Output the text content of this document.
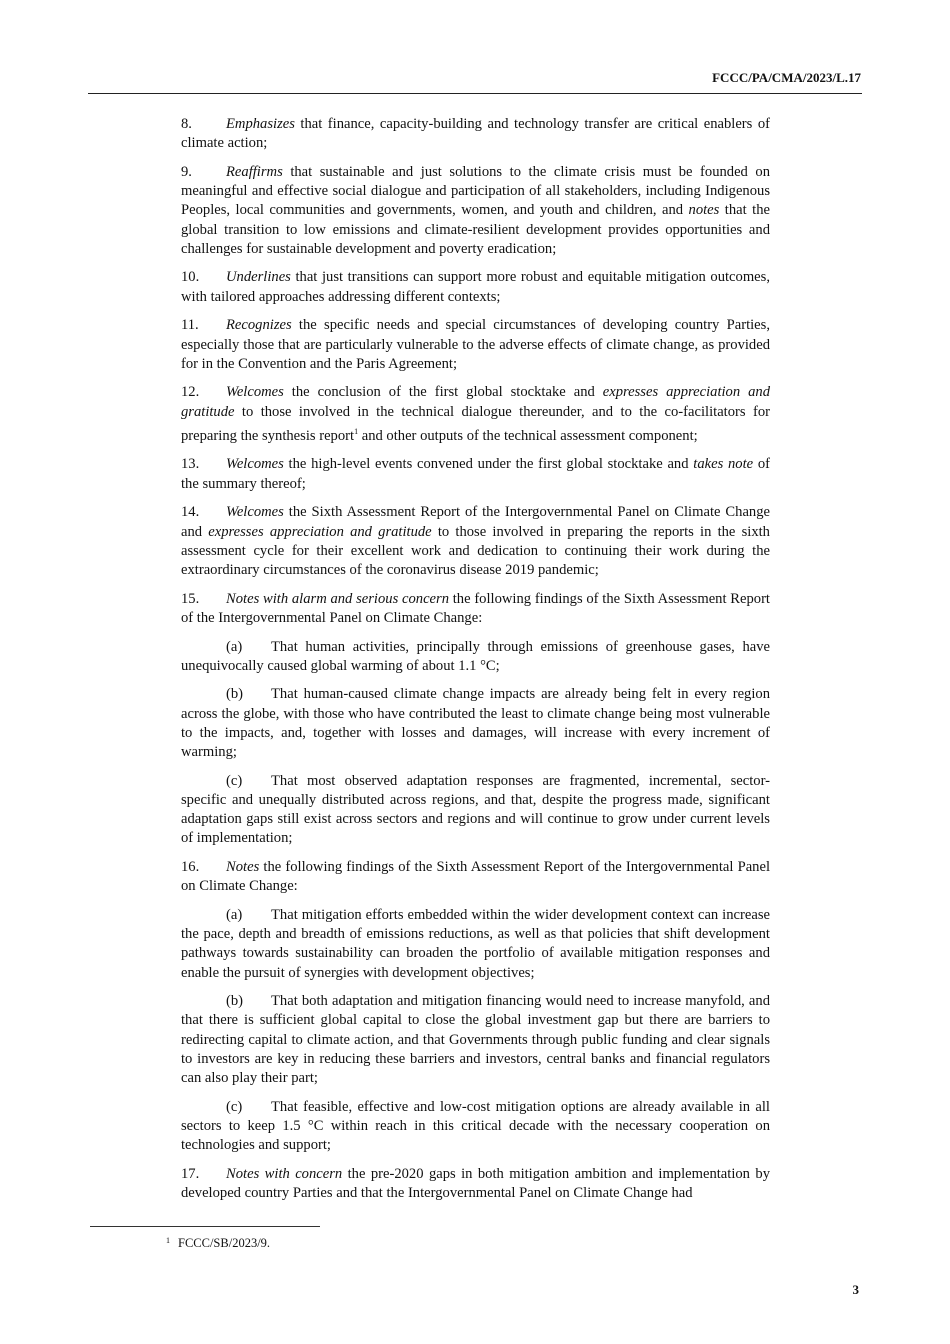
FCCC/PA/CMA/2023/L.17

8. Emphasizes that finance, capacity-building and technology transfer are critical enablers of climate action;

9. Reaffirms that sustainable and just solutions to the climate crisis must be founded on meaningful and effective social dialogue and participation of all stakeholders, including Indigenous Peoples, local communities and governments, women, and youth and children, and notes that the global transition to low emissions and climate-resilient development provides opportunities and challenges for sustainable development and poverty eradication;

10. Underlines that just transitions can support more robust and equitable mitigation outcomes, with tailored approaches addressing different contexts;

11. Recognizes the specific needs and special circumstances of developing country Parties, especially those that are particularly vulnerable to the adverse effects of climate change, as provided for in the Convention and the Paris Agreement;

12. Welcomes the conclusion of the first global stocktake and expresses appreciation and gratitude to those involved in the technical dialogue thereunder, and to the co-facilitators for preparing the synthesis report$^1$ and other outputs of the technical assessment component;

13. Welcomes the high-level events convened under the first global stocktake and takes note of the summary thereof;

14. Welcomes the Sixth Assessment Report of the Intergovernmental Panel on Climate Change and expresses appreciation and gratitude to those involved in preparing the reports in the sixth assessment cycle for their excellent work and dedication to continuing their work during the extraordinary circumstances of the coronavirus disease 2019 pandemic;

15. Notes with alarm and serious concern the following findings of the Sixth Assessment Report of the Intergovernmental Panel on Climate Change:

(a) That human activities, principally through emissions of greenhouse gases, have unequivocally caused global warming of about 1.1 °C;

(b) That human-caused climate change impacts are already being felt in every region across the globe, with those who have contributed the least to climate change being most vulnerable to the impacts, and, together with losses and damages, will increase with every increment of warming;

(c) That most observed adaptation responses are fragmented, incremental, sector-specific and unequally distributed across regions, and that, despite the progress made, significant adaptation gaps still exist across sectors and regions and will continue to grow under current levels of implementation;

16. Notes the following findings of the Sixth Assessment Report of the Intergovernmental Panel on Climate Change:

(a) That mitigation efforts embedded within the wider development context can increase the pace, depth and breadth of emissions reductions, as well as that policies that shift development pathways towards sustainability can broaden the portfolio of available mitigation responses and enable the pursuit of synergies with development objectives;

(b) That both adaptation and mitigation financing would need to increase manyfold, and that there is sufficient global capital to close the global investment gap but there are barriers to redirecting capital to climate action, and that Governments through public funding and clear signals to investors are key in reducing these barriers and investors, central banks and financial regulators can also play their part;

(c) That feasible, effective and low-cost mitigation options are already available in all sectors to keep 1.5 °C within reach in this critical decade with the necessary cooperation on technologies and support;

17. Notes with concern the pre-2020 gaps in both mitigation ambition and implementation by developed country Parties and that the Intergovernmental Panel on Climate Change had

$^1$ FCCC/SB/2023/9.
3
